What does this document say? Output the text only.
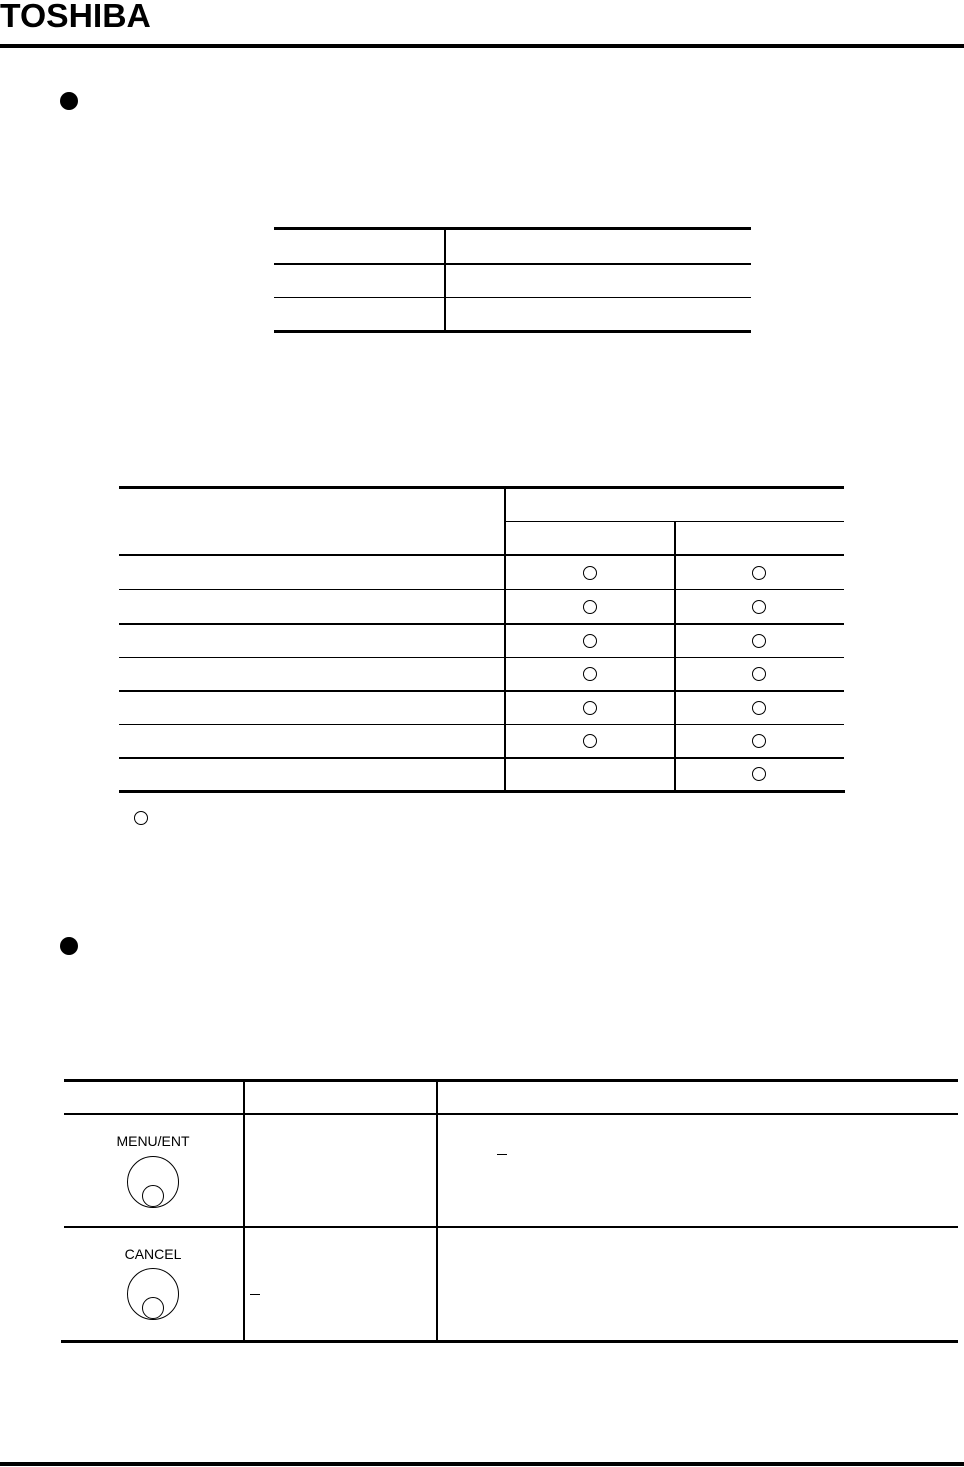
TOSHIBA
MENU/ENT
CANCEL
